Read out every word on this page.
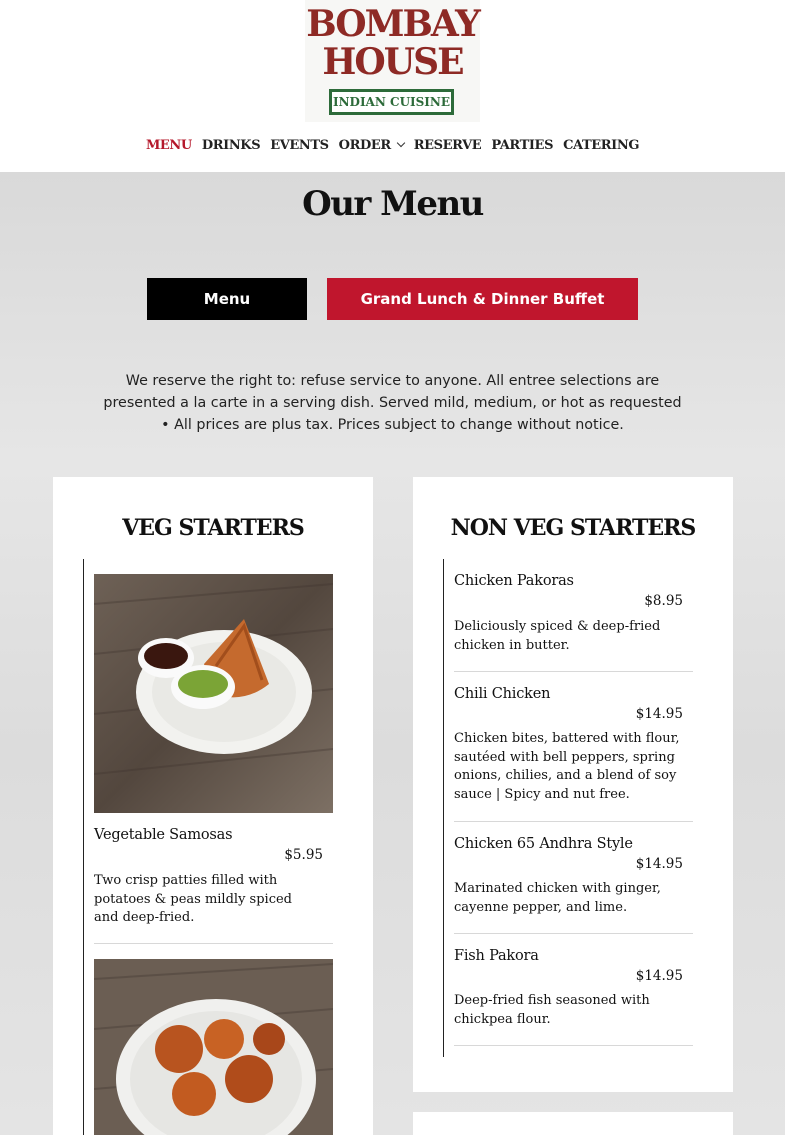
BOMBAY
HOUSE
INDIAN CUISINE
MENU DRINKS EVENTS ORDER RESERVE PARTIES CATERING
Our Menu
Menu	Grand Lunch & Dinner Buffet

We reserve the right to: refuse service to anyone. All entree selections are presented a la carte in a serving dish. Served mild, medium, or hot as requested • All prices are plus tax. Prices subject to change without notice.

VEG STARTERS
Vegetable Samosas
$5.95
Two crisp patties filled with potatoes & peas mildly spiced and deep-fried.
NON VEG STARTERS
Chicken Pakoras
$8.95
Deliciously spiced & deep-fried chicken in butter.
Chili Chicken
$14.95
Chicken bites, battered with flour, sautéed with bell peppers, spring onions, chilies, and a blend of soy sauce | Spicy and nut free.
Chicken 65 Andhra Style
$14.95
Marinated chicken with ginger, cayenne pepper, and lime.
Fish Pakora
$14.95
Deep-fried fish seasoned with chickpea flour.
